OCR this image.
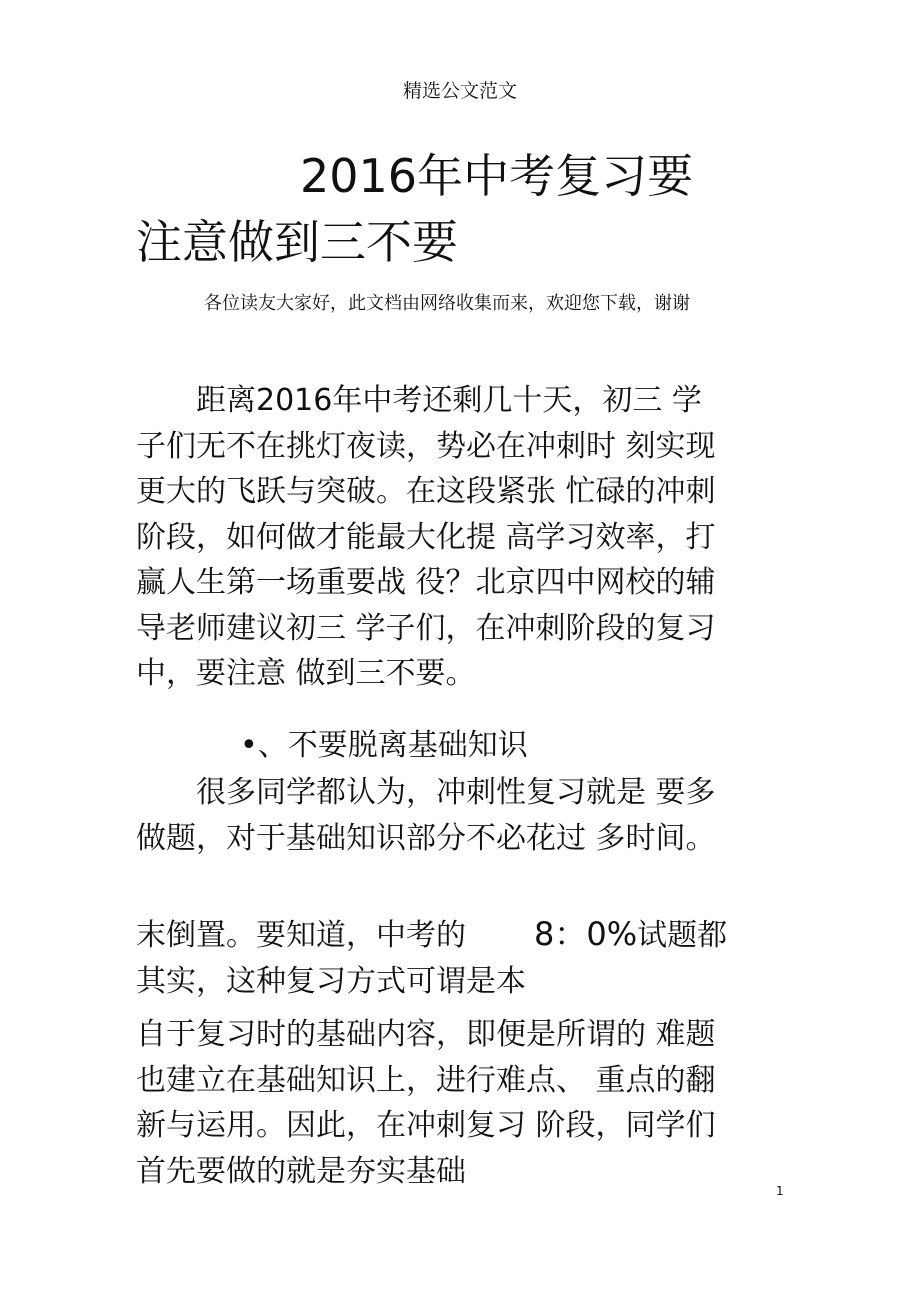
精选公文范文
2016年中考复习要
注意做到三不要
各位读友大家好，此文档由网络收集而来，欢迎您下载，谢谢
　　距离2016年中考还剩几十天，初三 学
子们无不在挑灯夜读，势必在冲刺时 刻实现
更大的飞跃与突破。在这段紧张 忙碌的冲刺
阶段，如何做才能最大化提 高学习效率，打
赢人生第一场重要战 役？北京四中网校的辅
导老师建议初三 学子们，在冲刺阶段的复习
中，要注意 做到三不要。
•、不要脱离基础知识
　　很多同学都认为，冲刺性复习就是 要多
做题，对于基础知识部分不必花过 多时间。
末倒置。要知道，中考的 8：0%试题都
其实，这种复习方式可谓是本
自于复习时的基础内容，即便是所谓的 难题
也建立在基础知识上，进行难点、 重点的翻
新与运用。因此，在冲刺复习 阶段，同学们
首先要做的就是夯实基础
1
